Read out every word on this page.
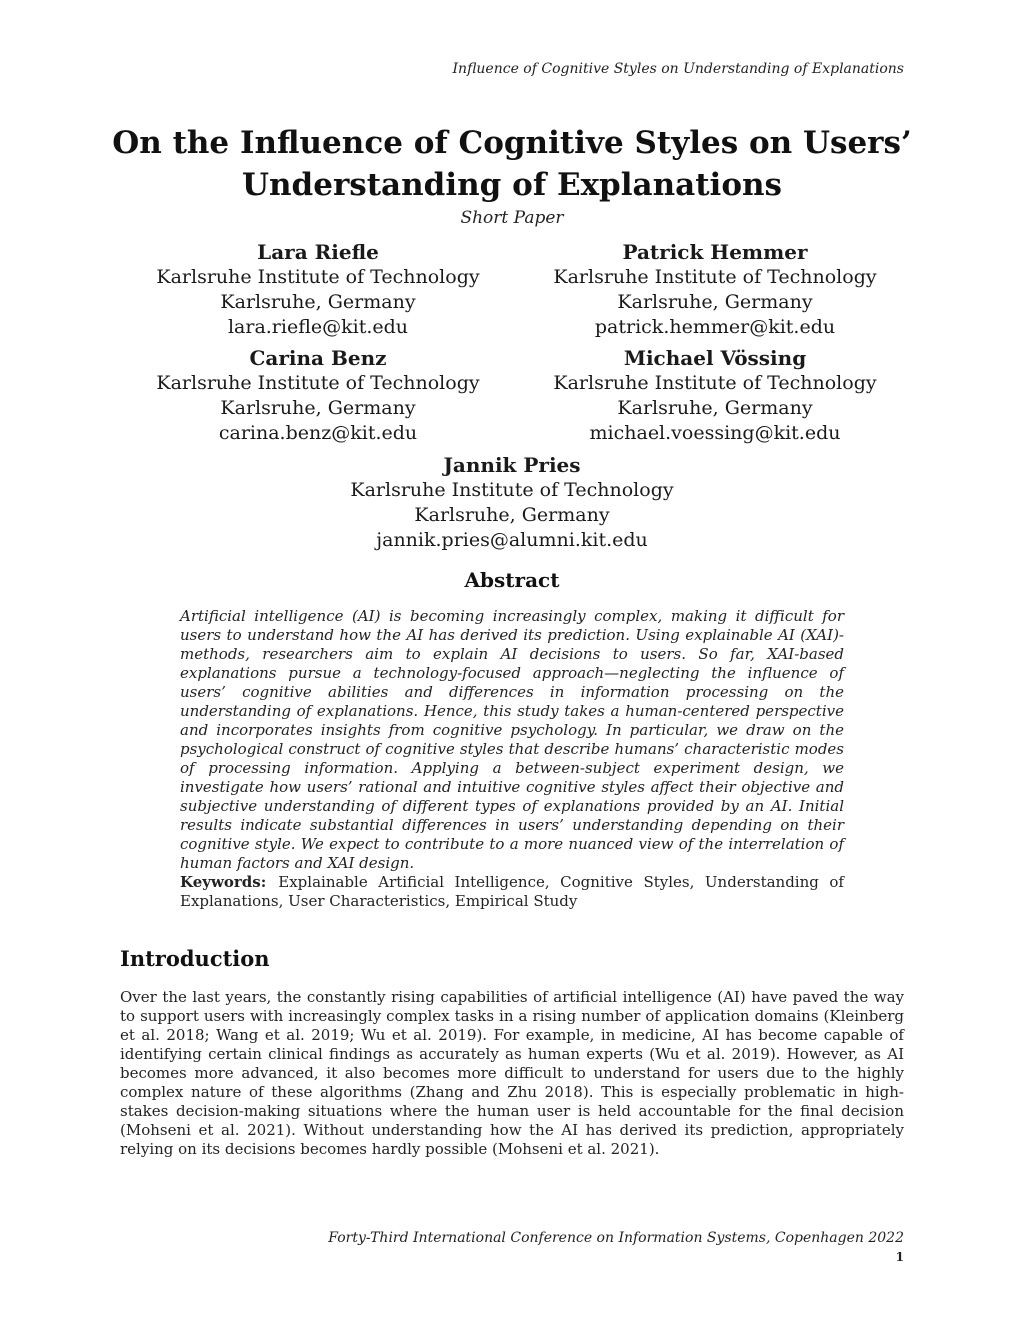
Influence of Cognitive Styles on Understanding of Explanations
On the Influence of Cognitive Styles on Users’ Understanding of Explanations
Short Paper
Lara Riefle
Karlsruhe Institute of Technology
Karlsruhe, Germany
lara.riefle@kit.edu
Patrick Hemmer
Karlsruhe Institute of Technology
Karlsruhe, Germany
patrick.hemmer@kit.edu
Carina Benz
Karlsruhe Institute of Technology
Karlsruhe, Germany
carina.benz@kit.edu
Michael Vössing
Karlsruhe Institute of Technology
Karlsruhe, Germany
michael.voessing@kit.edu
Jannik Pries
Karlsruhe Institute of Technology
Karlsruhe, Germany
jannik.pries@alumni.kit.edu
Abstract

Artificial intelligence (AI) is becoming increasingly complex, making it difficult for users to understand how the AI has derived its prediction. Using explainable AI (XAI)-methods, researchers aim to explain AI decisions to users. So far, XAI-based explanations pursue a technology-focused approach—neglecting the influence of users’ cognitive abilities and differences in information processing on the understanding of explanations. Hence, this study takes a human-centered perspective and incorporates insights from cognitive psychology. In particular, we draw on the psychological construct of cognitive styles that describe humans’ characteristic modes of processing information. Applying a between-subject experiment design, we investigate how users’ rational and intuitive cognitive styles affect their objective and subjective understanding of different types of explanations provided by an AI. Initial results indicate substantial differences in users’ understanding depending on their cognitive style. We expect to contribute to a more nuanced view of the interrelation of human factors and XAI design.

Keywords: Explainable Artificial Intelligence, Cognitive Styles, Understanding of Explanations, User Characteristics, Empirical Study

Introduction

Over the last years, the constantly rising capabilities of artificial intelligence (AI) have paved the way to support users with increasingly complex tasks in a rising number of application domains (Kleinberg et al. 2018; Wang et al. 2019; Wu et al. 2019). For example, in medicine, AI has become capable of identifying certain clinical findings as accurately as human experts (Wu et al. 2019). However, as AI becomes more advanced, it also becomes more difficult to understand for users due to the highly complex nature of these algorithms (Zhang and Zhu 2018). This is especially problematic in high-stakes decision-making situations where the human user is held accountable for the final decision (Mohseni et al. 2021). Without understanding how the AI has derived its prediction, appropriately relying on its decisions becomes hardly possible (Mohseni et al. 2021).

Forty-Third International Conference on Information Systems, Copenhagen 2022
1
